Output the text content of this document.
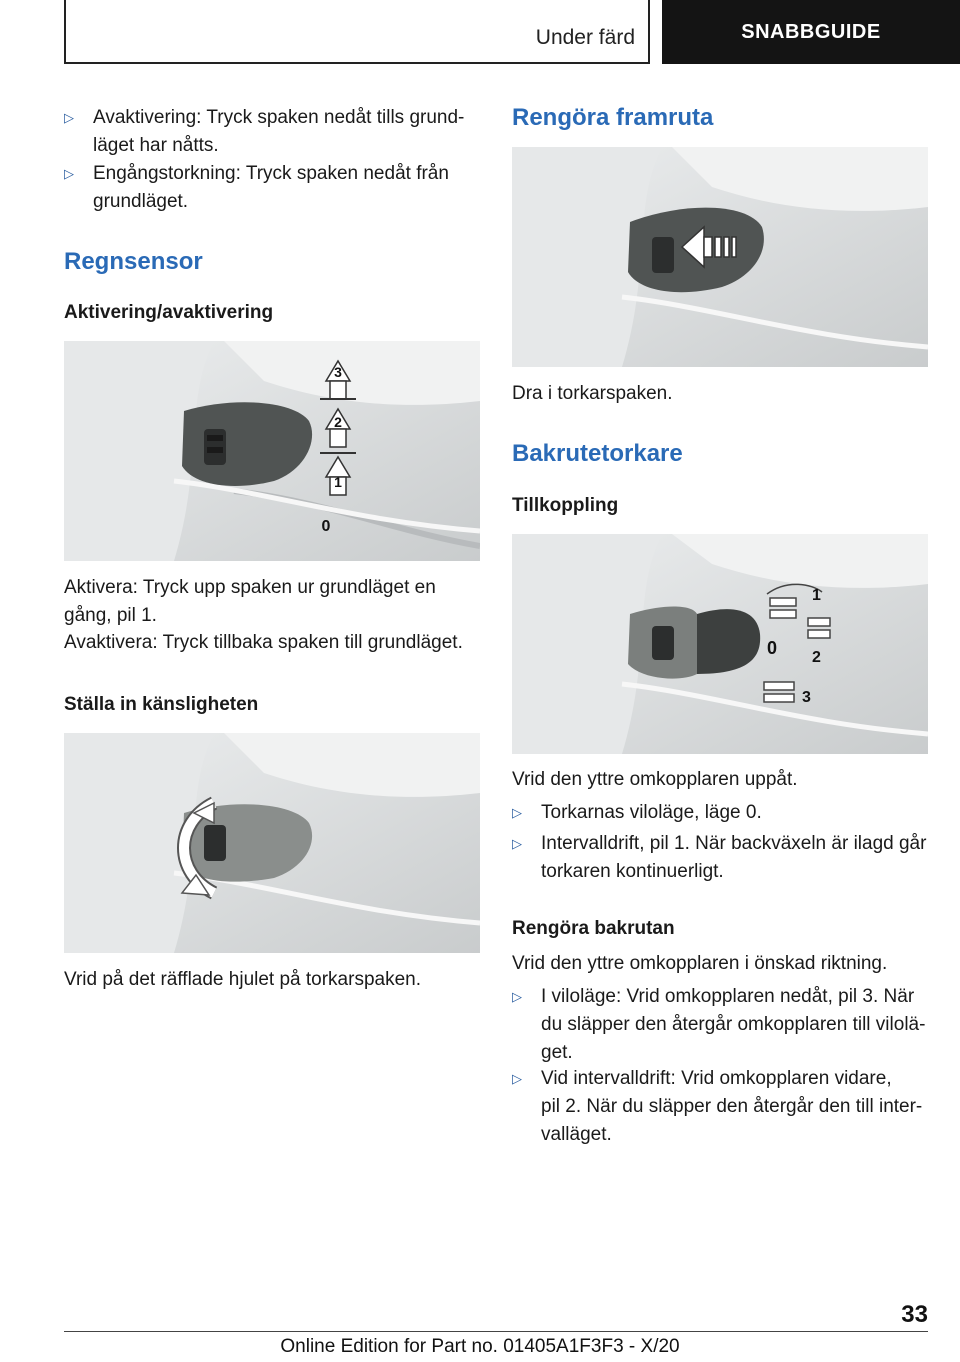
Under färd	SNABBGUIDE
▷	Avaktivering: Tryck spaken nedåt tills grund‐
läget har nåtts.
▷	Engångstorkning: Tryck spaken nedåt från
grundläget.
Regnsensor
Aktivering/avaktivering
3
2
1
0
Aktivera: Tryck upp spaken ur grundläget en
gång, pil 1.
Avaktivera: Tryck tillbaka spaken till grundläget.
Ställa in känsligheten
Vrid på det räfflade hjulet på torkarspaken.
Rengöra framruta
Dra i torkarspaken.
Bakrutetorkare
Tillkoppling
1
0 2
3
Vrid den yttre omkopplaren uppåt.
▷	Torkarnas viloläge, läge 0.
▷	Intervalldrift, pil 1. När backväxeln är ilagd går
torkaren kontinuerligt.
Rengöra bakrutan
Vrid den yttre omkopplaren i önskad riktning.
▷	I viloläge: Vrid omkopplaren nedåt, pil 3. När
du släpper den återgår omkopplaren till vilolä‐
get.
▷	Vid intervalldrift: Vrid omkopplaren vidare,
pil 2. När du släpper den återgår den till inter‐
valläget.
33
Online Edition for Part no. 01405A1F3F3 - X/20
